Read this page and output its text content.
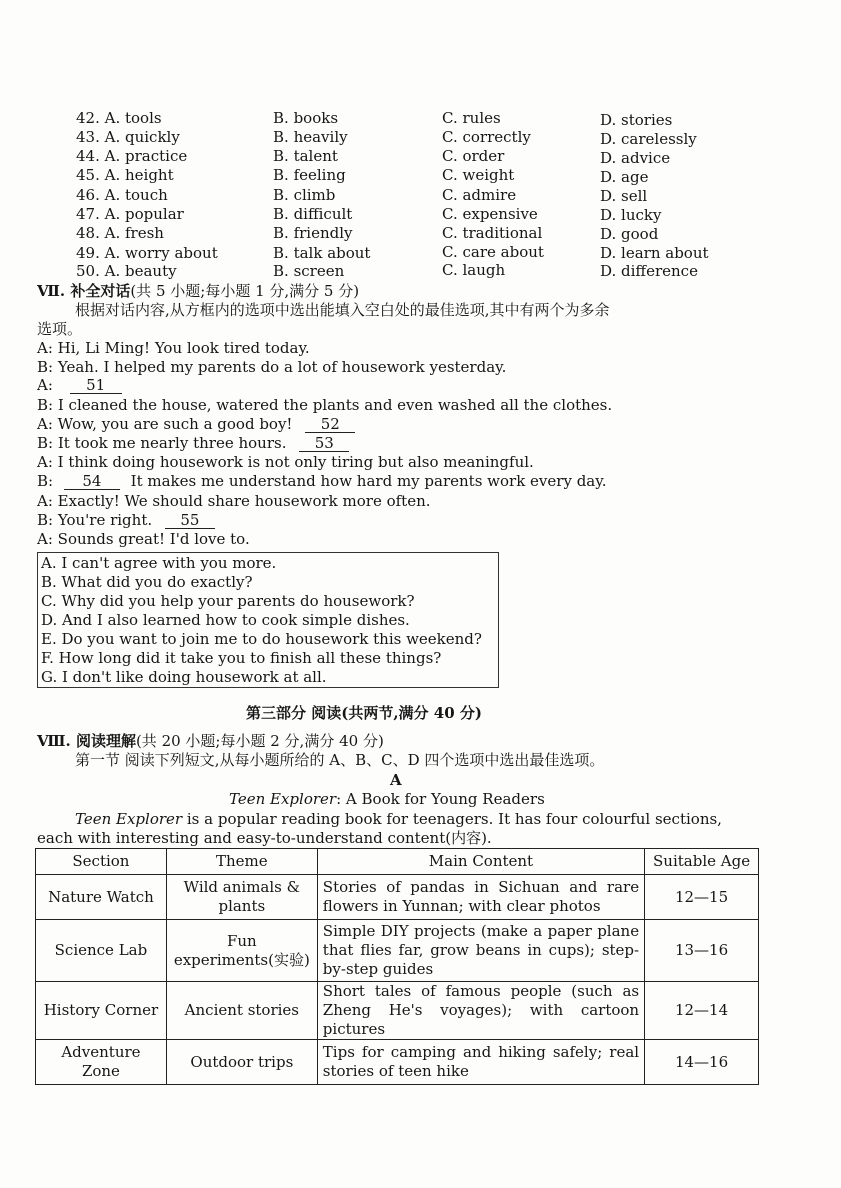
42. A. tools	B. books	C. rules	D. stories
43. A. quickly	B. heavily	C. correctly	D. carelessly
44. A. practice	B. talent	C. order	D. advice
45. A. height	B. feeling	C. weight	D. age
46. A. touch	B. climb	C. admire	D. sell
47. A. popular	B. difficult	C. expensive	D. lucky
48. A. fresh	B. friendly	C. traditional	D. good
49. A. worry about	B. talk about	C. care about	D. learn about
50. A. beauty	B. screen	C. laugh	D. difference
Ⅶ. 补全对话(共 5 小题;每小题 1 分,满分 5 分)
根据对话内容,从方框内的选项中选出能填入空白处的最佳选项,其中有两个为多余
选项。
A: Hi, Li Ming! You look tired today.
B: Yeah. I helped my parents do a lot of housework yesterday.
A: 51
B: I cleaned the house, watered the plants and even washed all the clothes.
A: Wow, you are such a good boy! 52
B: It took me nearly three hours. 53
A: I think doing housework is not only tiring but also meaningful.
B: 54 It makes me understand how hard my parents work every day.
A: Exactly! We should share housework more often.
B: You're right. 55
A: Sounds great! I'd love to.
A. I can't agree with you more.
B. What did you do exactly?
C. Why did you help your parents do housework?
D. And I also learned how to cook simple dishes.
E. Do you want to join me to do housework this weekend?
F. How long did it take you to finish all these things?
G. I don't like doing housework at all.
第三部分 阅读(共两节,满分 40 分)
Ⅷ. 阅读理解(共 20 小题;每小题 2 分,满分 40 分)
第一节 阅读下列短文,从每小题所给的 A、B、C、D 四个选项中选出最佳选项。
A
Teen Explorer: A Book for Young Readers
Teen Explorer is a popular reading book for teenagers. It has four colourful sections,
each with interesting and easy-to-understand content(内容).
Section	Theme	Main Content	Suitable Age
Nature Watch	Wild animals & plants	Stories of pandas in Sichuan and rare flowers in Yunnan; with clear photos	12—15
Science Lab	Fun experiments(实验)	Simple DIY projects (make a paper plane that flies far, grow beans in cups); step-by-step guides	13—16
History Corner	Ancient stories	Short tales of famous people (such as Zheng He's voyages); with cartoon pictures	12—14
Adventure Zone	Outdoor trips	Tips for camping and hiking safely; real stories of teen hike	14—16
